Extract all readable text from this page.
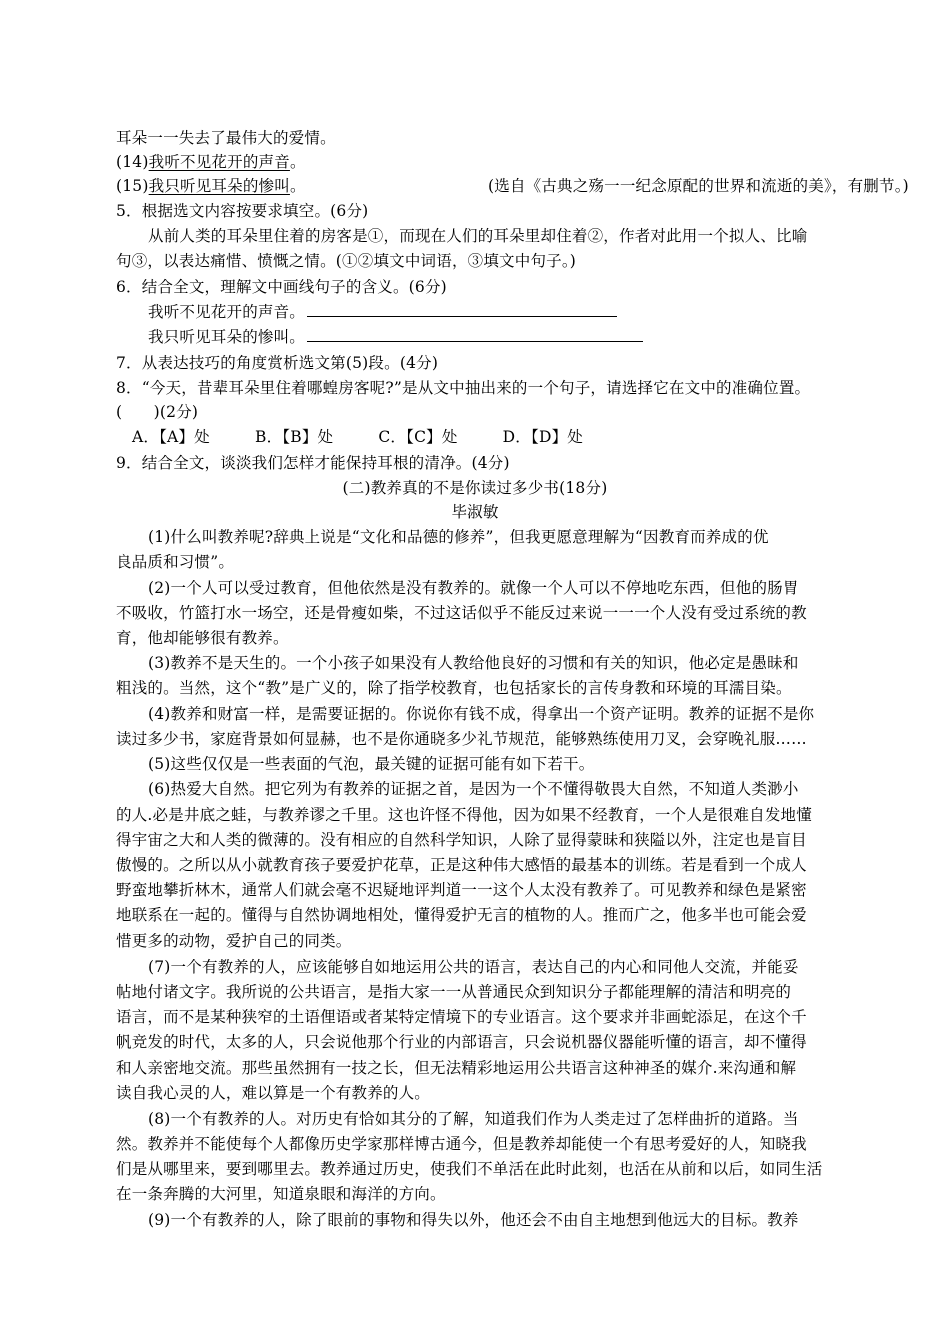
耳朵一一失去了最伟大的爱情。
(14)我听不见花开的声音。
(15)我只听见耳朵的惨叫。	(选自《古典之殇一一纪念原配的世界和流逝的美》，有删节。)
5．根据选文内容按要求填空。(6分)
从前人类的耳朵里住着的房客是①，而现在人们的耳朵里却住着②，作者对此用一个拟人、比喻
句③，以表达痛惜、愤慨之情。(①②填文中词语，③填文中句子。)
6．结合全文，理解文中画线句子的含义。(6分)
我听不见花开的声音。
我只听见耳朵的惨叫。
7．从表达技巧的角度赏析选文第(5)段。(4分)
8．“今天，昔辈耳朵里住着哪蝗房客呢?”是从文中抽出来的一个句子，请选择它在文中的准确位置。
(　　)(2分)
A．【A】处	B．【B】处	C．【C】处	D．【D】处
9．结合全文，谈淡我们怎样才能保持耳根的清净。(4分)
(二)教养真的不是你读过多少书(18分)
毕淑敏
(1)什么叫教养呢?辞典上说是“文化和品德的修养”，但我更愿意理解为“因教育而养成的优
良品质和习惯”。
(2)一个人可以受过教育，但他依然是没有教养的。就像一个人可以不停地吃东西，但他的肠胃
不吸收，竹篮打水一场空，还是骨瘦如柴，不过这话似乎不能反过来说一一一个人没有受过系统的教
育，他却能够很有教养。
(3)教养不是天生的。一个小孩子如果没有人教给他良好的习惯和有关的知识，他必定是愚昧和
粗浅的。当然，这个“教”是广义的，除了指学校教育，也包括家长的言传身教和环境的耳濡目染。
(4)教养和财富一样，是需要证据的。你说你有钱不成，得拿出一个资产证明。教养的证据不是你
读过多少书，家庭背景如何显赫，也不是你通晓多少礼节规范，能够熟练使用刀叉，会穿晚礼服……
(5)这些仅仅是一些表面的气泡，最关键的证据可能有如下若干。
(6)热爱大自然。把它列为有教养的证据之首，是因为一个不懂得敬畏大自然，不知道人类渺小
的人.必是井底之蛙，与教养谬之千里。这也许怪不得他，因为如果不经教育，一个人是很难自发地懂
得宇宙之大和人类的微薄的。没有相应的自然科学知识，人除了显得蒙昧和狭隘以外，注定也是盲目
傲慢的。之所以从小就教育孩子要爱护花草，正是这种伟大感悟的最基本的训练。若是看到一个成人
野蛮地攀折林木，通常人们就会毫不迟疑地评判道一一这个人太没有教养了。可见教养和绿色是紧密
地联系在一起的。懂得与自然协调地相处，懂得爱护无言的植物的人。推而广之，他多半也可能会爱
惜更多的动物，爱护自己的同类。
(7)一个有教养的人，应该能够自如地运用公共的语言，表达自己的内心和同他人交流，并能妥
帖地付诸文字。我所说的公共语言，是指大家一一从普通民众到知识分子都能理解的清洁和明亮的
语言，而不是某种狭窄的土语俚语或者某特定情境下的专业语言。这个要求并非画蛇添足，在这个千
帆竞发的时代，太多的人，只会说他那个行业的内部语言，只会说机器仪器能听懂的语言，却不懂得
和人亲密地交流。那些虽然拥有一技之长，但无法精彩地运用公共语言这种神圣的媒介.来沟通和解
读自我心灵的人，难以算是一个有教养的人。
(8)一个有教养的人。对历史有恰如其分的了解，知道我们作为人类走过了怎样曲折的道路。当
然。教养并不能使每个人都像历史学家那样博古通今，但是教养却能使一个有思考爱好的人，知晓我
们是从哪里来，要到哪里去。教养通过历史，使我们不单活在此时此刻，也活在从前和以后，如同生活
在一条奔腾的大河里，知道泉眼和海洋的方向。
(9)一个有教养的人，除了眼前的事物和得失以外，他还会不由自主地想到他远大的目标。教养
